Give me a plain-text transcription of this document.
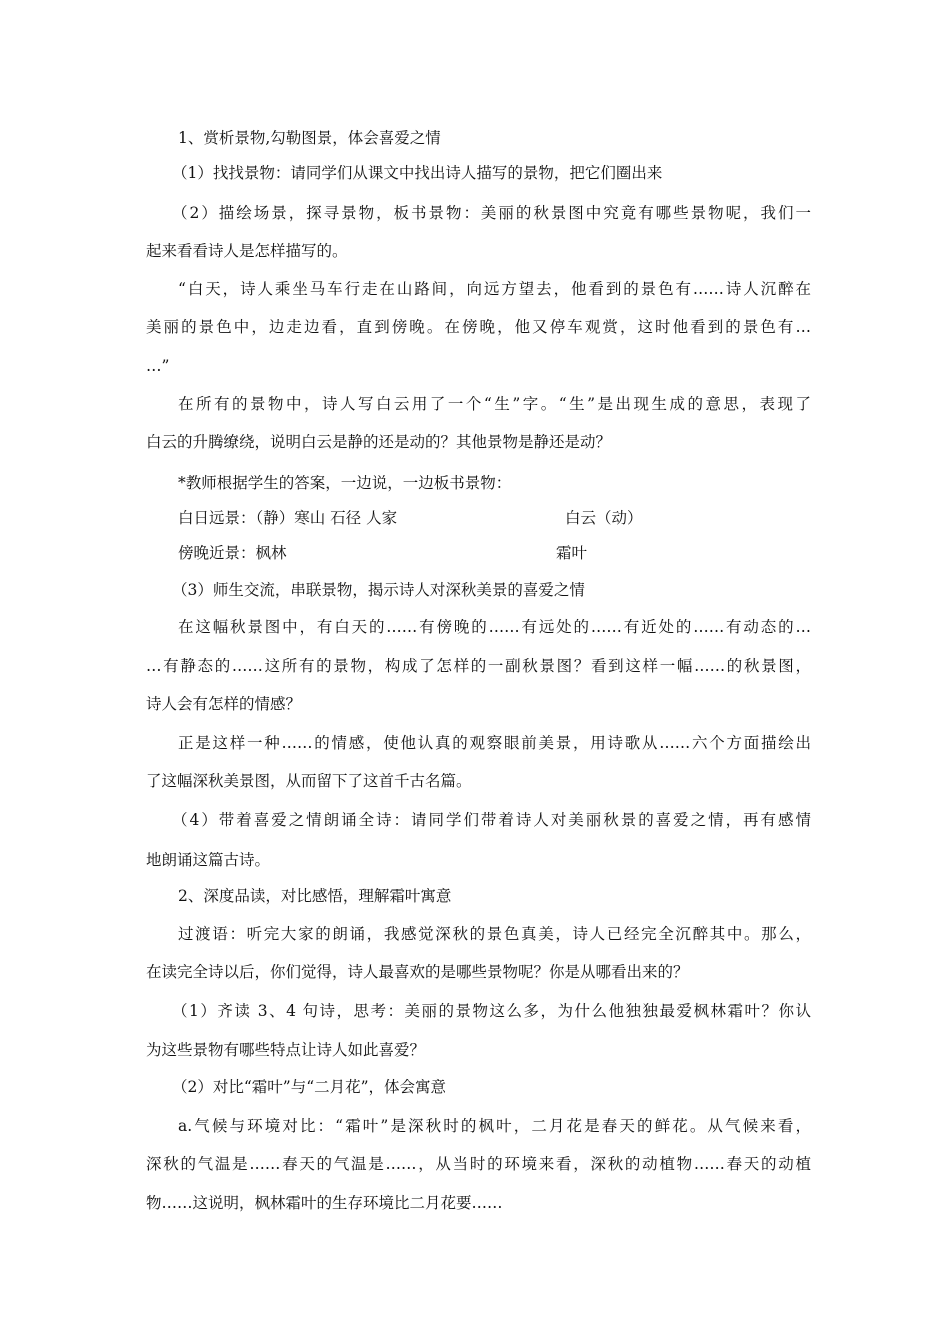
1、赏析景物,勾勒图景，体会喜爱之情
（1）找找景物：请同学们从课文中找出诗人描写的景物，把它们圈出来
（2）描绘场景，探寻景物，板书景物：美丽的秋景图中究竟有哪些景物呢，我们一
起来看看诗人是怎样描写的。
“白天，诗人乘坐马车行走在山路间，向远方望去，他看到的景色有……诗人沉醉在
美丽的景色中，边走边看，直到傍晚。在傍晚，他又停车观赏，这时他看到的景色有…
…”
在所有的景物中，诗人写白云用了一个“生”字。“生”是出现生成的意思，表现了
白云的升腾缭绕，说明白云是静的还是动的？其他景物是静还是动？
*教师根据学生的答案，一边说，一边板书景物：
白日远景：（静）寒山 石径 人家	白云（动）
傍晚近景：枫林	霜叶
（3）师生交流，串联景物，揭示诗人对深秋美景的喜爱之情
在这幅秋景图中，有白天的……有傍晚的……有远处的……有近处的……有动态的…
…有静态的……这所有的景物，构成了怎样的一副秋景图？看到这样一幅……的秋景图，
诗人会有怎样的情感？
正是这样一种……的情感，使他认真的观察眼前美景，用诗歌从……六个方面描绘出
了这幅深秋美景图，从而留下了这首千古名篇。
（4）带着喜爱之情朗诵全诗：请同学们带着诗人对美丽秋景的喜爱之情，再有感情
地朗诵这篇古诗。
2、深度品读，对比感悟，理解霜叶寓意
过渡语：听完大家的朗诵，我感觉深秋的景色真美，诗人已经完全沉醉其中。那么，
在读完全诗以后，你们觉得，诗人最喜欢的是哪些景物呢？你是从哪看出来的？
（1）齐读 3、4 句诗，思考：美丽的景物这么多，为什么他独独最爱枫林霜叶？你认
为这些景物有哪些特点让诗人如此喜爱？
（2）对比“霜叶”与“二月花”，体会寓意
a.气候与环境对比：“霜叶”是深秋时的枫叶，二月花是春天的鲜花。从气候来看，
深秋的气温是……春天的气温是……，从当时的环境来看，深秋的动植物……春天的动植
物……这说明，枫林霜叶的生存环境比二月花要……
